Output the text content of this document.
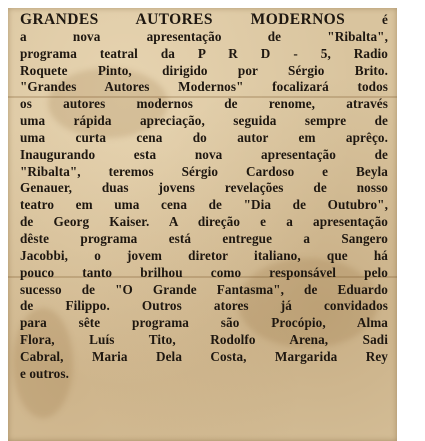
GRANDES AUTORES MODERNOS	é
a nova apresentação de "Ribalta",
programa teatral da P R D - 5, Radio
Roquete Pinto, dirigido por Sérgio Brito.
"Grandes Autores Modernos" focalizará todos
os autores modernos de renome, através
uma rápida apreciação, seguida sempre de
uma curta cena do autor em aprêço.
Inaugurando esta nova apresentação de
"Ribalta", teremos Sérgio Cardoso e Beyla
Genauer, duas jovens revelações de nosso
teatro em uma cena de "Dia de Outubro",
de Georg Kaiser. A direção e a apresentação
dêste programa está entregue a Sangero
Jacobbi, o jovem diretor italiano, que há
pouco tanto brilhou como responsável pelo
sucesso de "O Grande Fantasma", de Eduardo
de Filippo. Outros atores já convidados
para sête programa são Procópio, Alma
Flora, Luís Tito, Rodolfo Arena, Sadi
Cabral, Maria Dela Costa, Margarida Rey
e outros.
